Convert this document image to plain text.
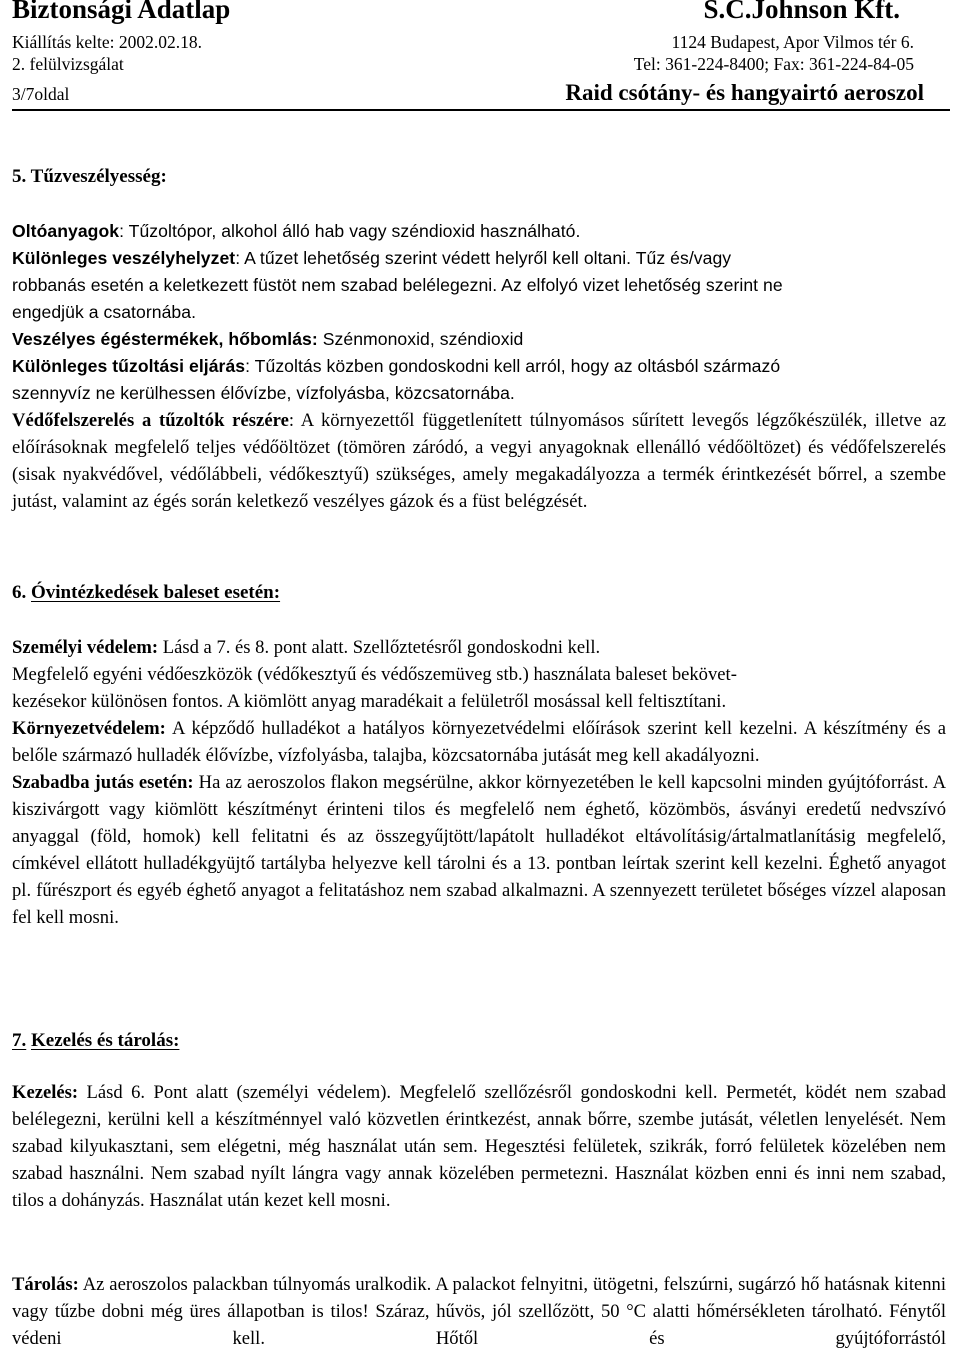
Biztonsági Adatlap	S.C.Johnson Kft.
Kiállítás kelte: 2002.02.18.	1124 Budapest, Apor Vilmos tér 6.
2. felülvizsgálat	Tel: 361-224-8400; Fax: 361-224-84-05
3/7oldal	Raid csótány- és hangyairtó aeroszol
5. Tűzveszélyesség:

Oltóanyagok: Tűzoltópor, alkohol álló hab vagy széndioxid használható.

Különleges veszélyhelyzet: A tűzet lehetőség szerint védett helyről kell oltani. Tűz és/vagy

robbanás esetén a keletkezett füstöt nem szabad belélegezni. Az elfolyó vizet lehetőség szerint ne

engedjük a csatornába.

Veszélyes égéstermékek, hőbomlás: Szénmonoxid, széndioxid

Különleges tűzoltási eljárás: Tűzoltás közben gondoskodni kell arról, hogy az oltásból származó

szennyvíz ne kerülhessen élővízbe, vízfolyásba, közcsatornába.

Védőfelszerelés a tűzoltók részére: A környezettől függetlenített túlnyomásos sűrített levegős légzőkészülék, illetve az előírásoknak megfelelő teljes védőöltözet (tömören záródó, a vegyi anyagoknak ellenálló védőöltözet) és védőfelszerelés (sisak nyakvédővel, védőlábbeli, védőkesztyű) szükséges, amely megakadályozza a termék érintkezését bőrrel, a szembe jutást, valamint az égés során keletkező veszélyes gázok és a füst belégzését.

6. Óvintézkedések baleset esetén:

Személyi védelem: Lásd a 7. és 8. pont alatt. Szellőztetésről gondoskodni kell.

Megfelelő egyéni védőeszközök (védőkesztyű és védőszemüveg stb.) használata baleset bekövet-

kezésekor különösen fontos. A kiömlött anyag maradékait a felületről mosással kell feltisztítani.

Környezetvédelem: A képződő hulladékot a hatályos környezetvédelmi előírások szerint kell kezelni. A készítmény és a belőle származó hulladék élővízbe, vízfolyásba, talajba, közcsatornába jutását meg kell akadályozni.

Szabadba jutás esetén: Ha az aeroszolos flakon megsérülne, akkor környezetében le kell kapcsolni minden gyújtóforrást. A kiszivárgott vagy kiömlött készítményt érinteni tilos és megfelelő nem éghető, közömbös, ásványi eredetű nedvszívó anyaggal (föld, homok) kell felitatni és az összegyűjtött/lapátolt hulladékot eltávolításig/ártalmatlanításig megfelelő, címkével ellátott hulladékgyüjtő tartályba helyezve kell tárolni és a 13. pontban leírtak szerint kell kezelni. Éghető anyagot pl. fűrészport és egyéb éghető anyagot a felitatáshoz nem szabad alkalmazni. A szennyezett területet bőséges vízzel alaposan fel kell mosni.

7. Kezelés és tárolás:

Kezelés: Lásd 6. Pont alatt (személyi védelem). Megfelelő szellőzésről gondoskodni kell. Permetét, ködét nem szabad belélegezni, kerülni kell a készítménnyel való közvetlen érintkezést, annak bőrre, szembe jutását, véletlen lenyelését. Nem szabad kilyukasztani, sem elégetni, még használat után sem. Hegesztési felületek, szikrák, forró felületek közelében nem szabad használni. Nem szabad nyílt lángra vagy annak közelében permetezni. Használat közben enni és inni nem szabad, tilos a dohányzás. Használat után kezet kell mosni.

Tárolás: Az aeroszolos palackban túlnyomás uralkodik. A palackot felnyitni, ütögetni, felszúrni, sugárzó hő hatásnak kitenni vagy tűzbe dobni még üres állapotban is tilos! Száraz, hűvös, jól szellőzött, 50 °C alatti hőmérsékleten tárolható. Fénytől védeni kell. Hőtől és gyújtóforrástól
